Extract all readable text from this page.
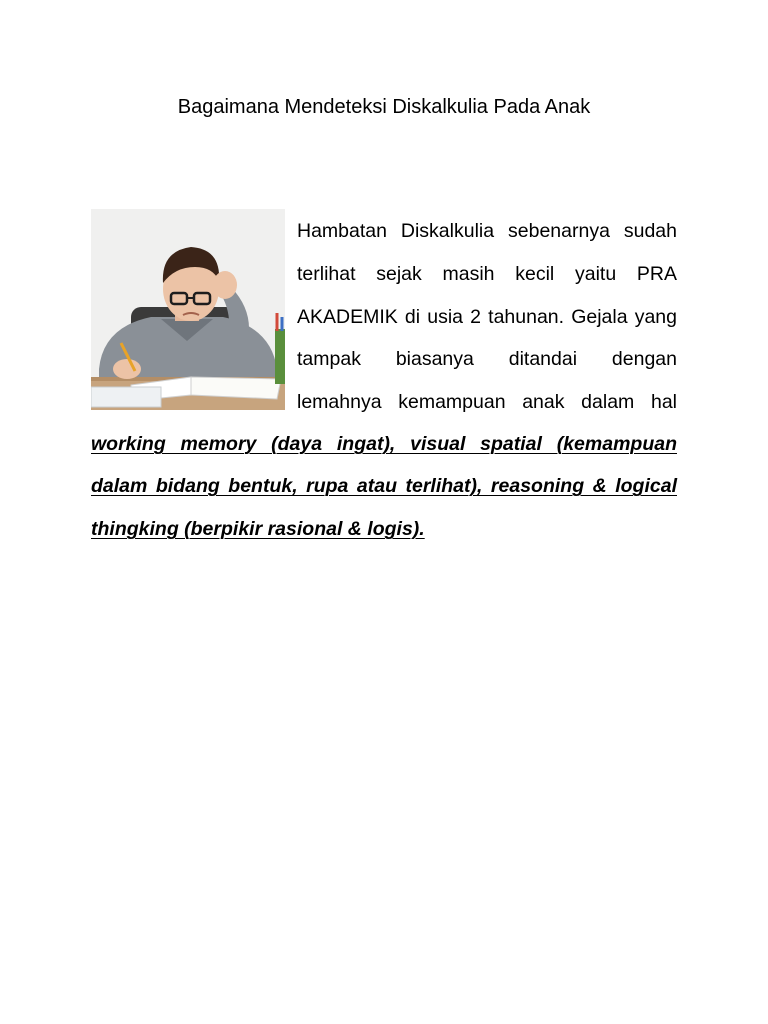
Bagaimana Mendeteksi Diskalkulia Pada Anak
Hambatan Diskalkulia sebenarnya sudah
terlihat sejak masih kecil yaitu PRA
AKADEMIK di usia 2 tahunan. Gejala yang
tampak biasanya ditandai dengan
lemahnya kemampuan anak dalam hal
working memory (daya ingat), visual spatial (kemampuan
dalam bidang bentuk, rupa atau terlihat), reasoning & logical
thingking (berpikir rasional & logis).
